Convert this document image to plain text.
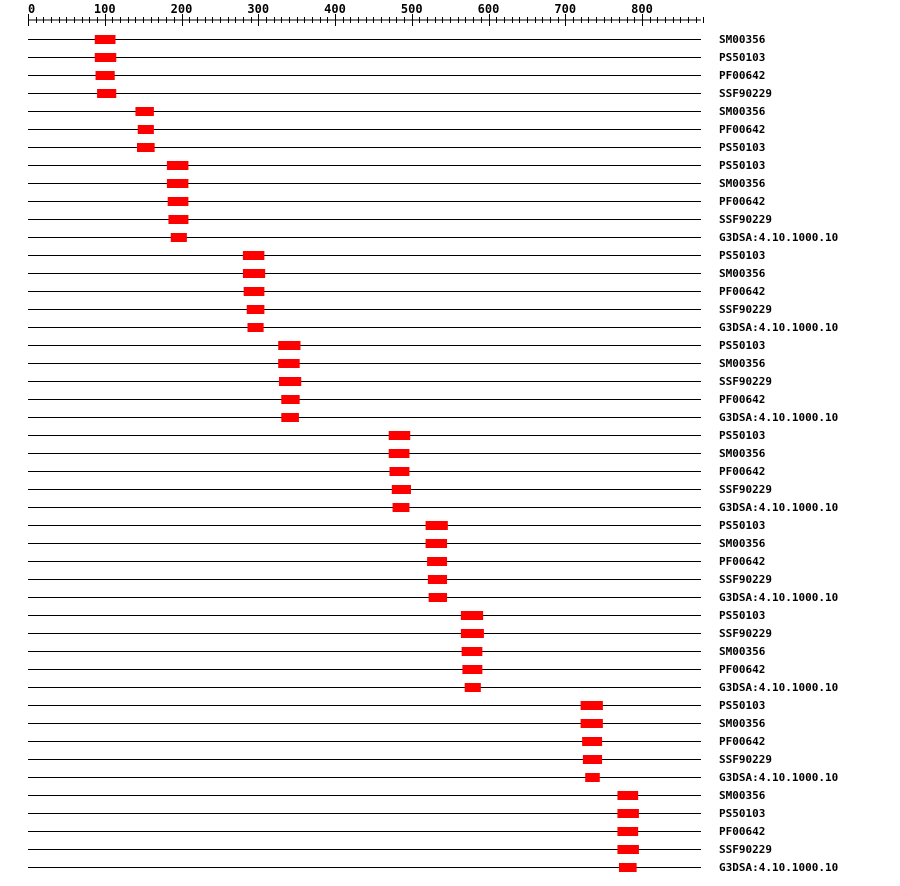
0	100	200	300	400	500	600	700	800
SM00356
PS50103
PF00642
SSF90229
SM00356
PF00642
PS50103
PS50103
SM00356
PF00642
SSF90229
G3DSA:4.10.1000.10
PS50103
SM00356
PF00642
SSF90229
G3DSA:4.10.1000.10
PS50103
SM00356
SSF90229
PF00642
G3DSA:4.10.1000.10
PS50103
SM00356
PF00642
SSF90229
G3DSA:4.10.1000.10
PS50103
SM00356
PF00642
SSF90229
G3DSA:4.10.1000.10
PS50103
SSF90229
SM00356
PF00642
G3DSA:4.10.1000.10
PS50103
SM00356
PF00642
SSF90229
G3DSA:4.10.1000.10
SM00356
PS50103
PF00642
SSF90229
G3DSA:4.10.1000.10
